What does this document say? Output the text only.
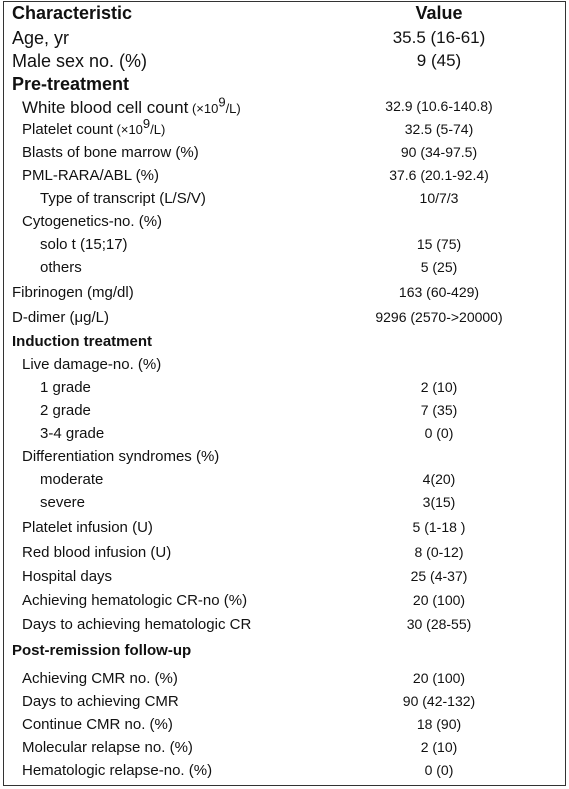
Characteristic	Value
Age, yr	35.5 (16-61)
Male sex no. (%)	9 (45)
Pre-treatment
White blood cell count $(\times 10^9/L)$	32.9 (10.6-140.8)
Platelet count $(\times 10^9/L)$	32.5 (5-74)
Blasts of bone marrow (%)	90 (34-97.5)
PML-RARA/ABL (%)	37.6 (20.1-92.4)
Type of transcript (L/S/V)	10/7/3
Cytogenetics-no. (%)
solo t (15;17)	15 (75)
others	5 (25)
Fibrinogen (mg/dl)	163 (60-429)
D-dimer (μg/L)	9296 (2570->20000)
Induction treatment
Live damage-no. (%)
1 grade	2 (10)
2 grade	7 (35)
3-4 grade	0 (0)
Differentiation syndromes (%)
moderate	4(20)
severe	3(15)
Platelet infusion (U)	5 (1-18 )
Red blood infusion (U)	8 (0-12)
Hospital days	25 (4-37)
Achieving hematologic CR-no (%)	20 (100)
Days to achieving hematologic CR	30 (28-55)
Post-remission follow-up
Achieving CMR no. (%)	20 (100)
Days to achieving CMR	90 (42-132)
Continue CMR no. (%)	18 (90)
Molecular relapse no. (%)	2 (10)
Hematologic relapse-no. (%)	0 (0)
